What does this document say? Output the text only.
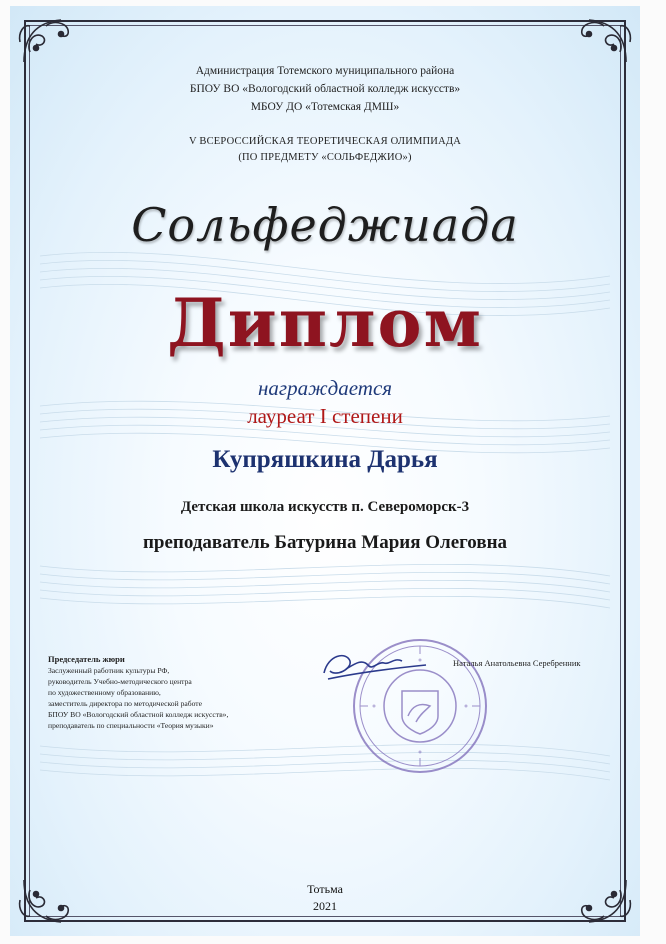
Администрация Тотемского муниципального района
БПОУ ВО «Вологодский областной колледж искусств»
МБОУ ДО «Тотемская ДМШ»
V ВСЕРОССИЙСКАЯ ТЕОРЕТИЧЕСКАЯ ОЛИМПИАДА
(ПО ПРЕДМЕТУ «СОЛЬФЕДЖИО»)
Сольфеджиада
Диплом
награждается
лауреат I степени
Купряшкина Дарья
Детская школа искусств п. Североморск-3
преподаватель Батурина Мария Олеговна
Председатель жюри
Заслуженный работник культуры РФ,
руководитель Учебно-методического центра
по художественному образованию,
заместитель директора по методической работе
БПОУ ВО «Вологодский областной колледж искусств»,
преподаватель по специальности «Теория музыки»
Наталья Анатольевна Серебренник
Тотьма
2021
